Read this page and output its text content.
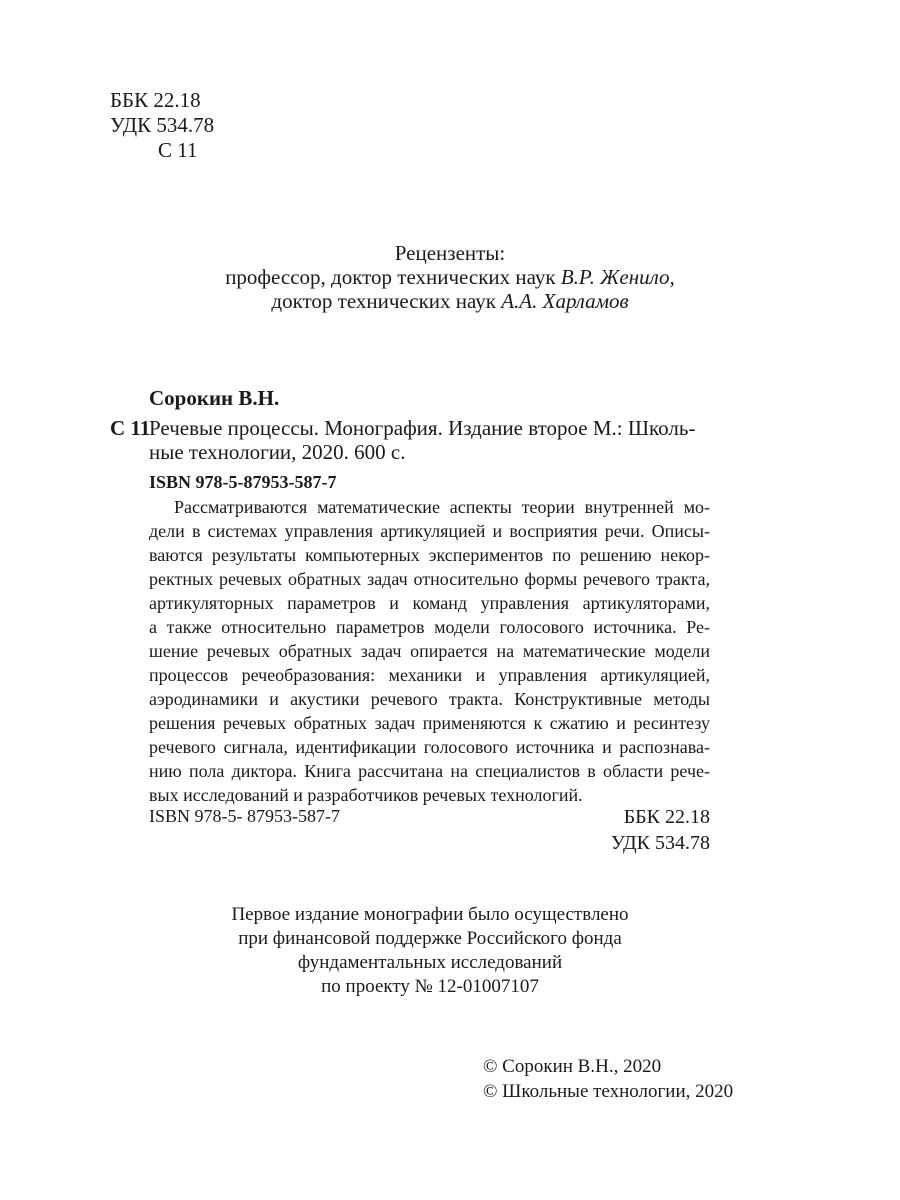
ББК 22.18
УДК 534.78
С 11
Рецензенты:
профессор, доктор технических наук В.Р. Женило,
доктор технических наук А.А. Харламов
Сорокин В.Н.
С 11
Речевые процессы. Монография. Издание второе М.: Школь-
ные технологии, 2020. 600 с.
ISBN 978-5-87953-587-7
Рассматриваются математические аспекты теории внутренней мо-
дели в системах управления артикуляцией и восприятия речи. Описы-
ваются результаты компьютерных экспериментов по решению некор-
ректных речевых обратных задач относительно формы речевого тракта,
артикуляторных параметров и команд управления артикуляторами,
а также относительно параметров модели голосового источника. Ре-
шение речевых обратных задач опирается на математические модели
процессов речеобразования: механики и управления артикуляцией,
аэродинамики и акустики речевого тракта. Конструктивные методы
решения речевых обратных задач применяются к сжатию и ресинтезу
речевого сигнала, идентификации голосового источника и распознава-
нию пола диктора. Книга рассчитана на специалистов в области рече-
вых исследований и разработчиков речевых технологий.
ISBN 978-5- 87953-587-7	ББК 22.18
УДК 534.78
Первое издание монографии было осуществлено
при финансовой поддержке Российского фонда
фундаментальных исследований
по проекту № 12-01007107
© Сорокин В.Н., 2020
© Школьные технологии, 2020
